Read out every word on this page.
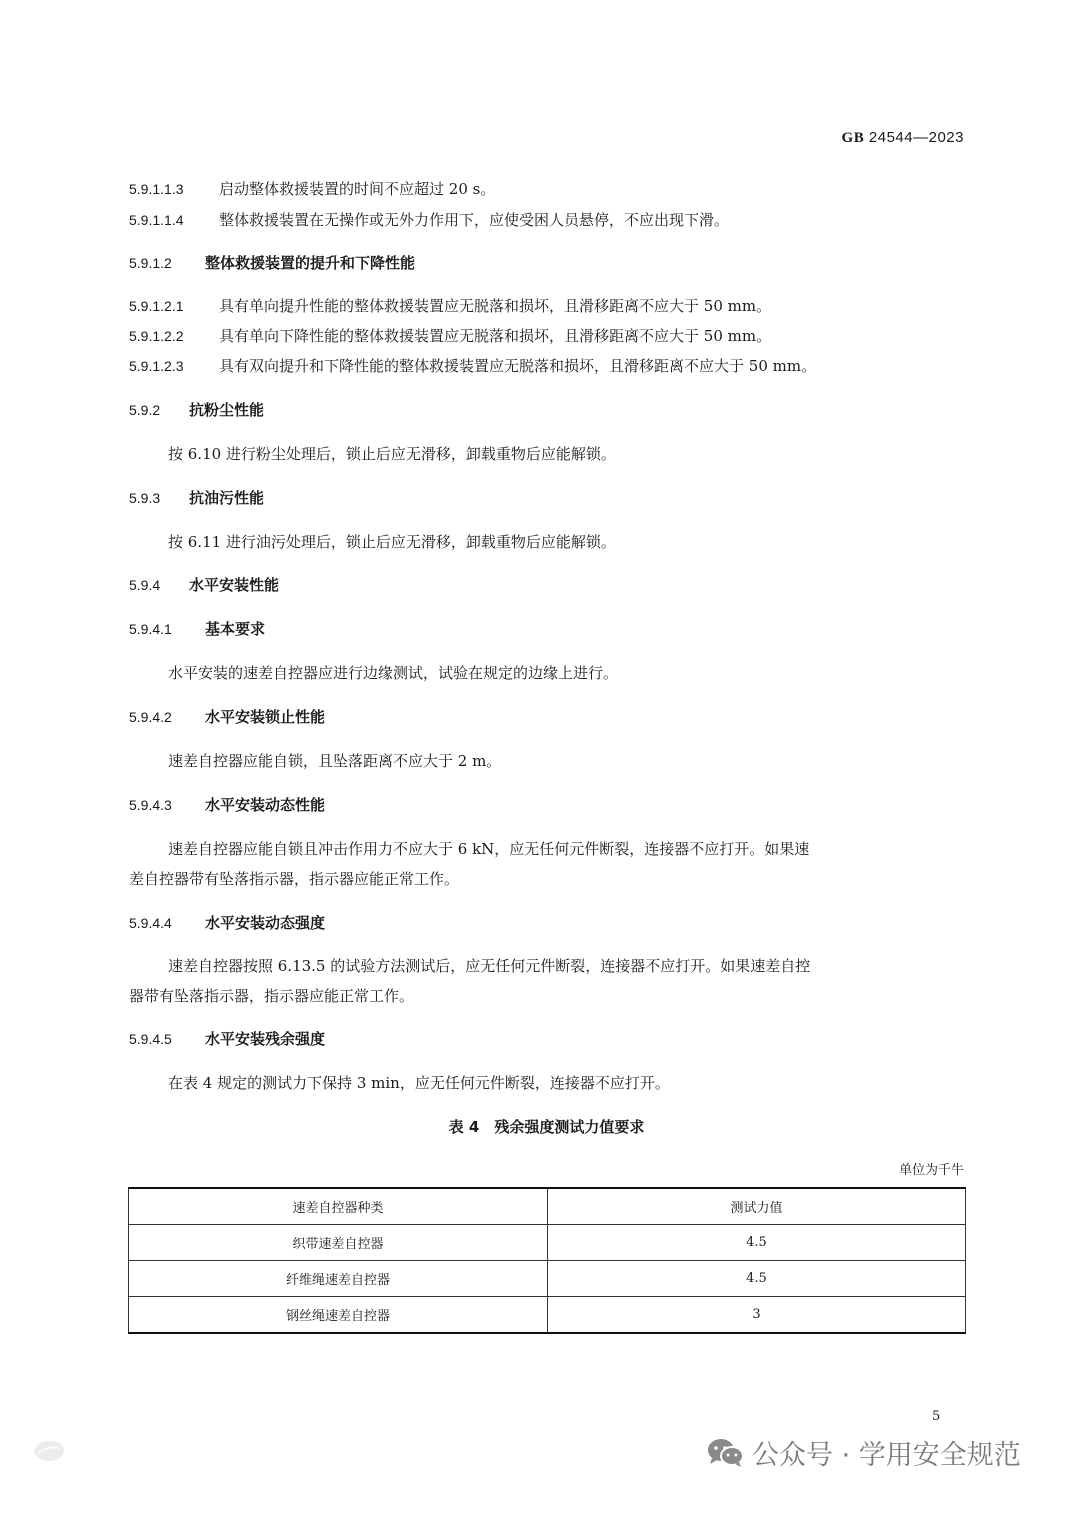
GB 24544—2023
5.9.1.1.3 启动整体救援装置的时间不应超过 20 s。
5.9.1.1.4 整体救援装置在无操作或无外力作用下，应使受困人员悬停，不应出现下滑。
5.9.1.2 整体救援装置的提升和下降性能
5.9.1.2.1 具有单向提升性能的整体救援装置应无脱落和损坏，且滑移距离不应大于 50 mm。
5.9.1.2.2 具有单向下降性能的整体救援装置应无脱落和损坏，且滑移距离不应大于 50 mm。
5.9.1.2.3 具有双向提升和下降性能的整体救援装置应无脱落和损坏，且滑移距离不应大于 50 mm。
5.9.2 抗粉尘性能
按 6.10 进行粉尘处理后，锁止后应无滑移，卸载重物后应能解锁。
5.9.3 抗油污性能
按 6.11 进行油污处理后，锁止后应无滑移，卸载重物后应能解锁。
5.9.4 水平安装性能
5.9.4.1 基本要求
水平安装的速差自控器应进行边缘测试，试验在规定的边缘上进行。
5.9.4.2 水平安装锁止性能
速差自控器应能自锁，且坠落距离不应大于 2 m。
5.9.4.3 水平安装动态性能
速差自控器应能自锁且冲击作用力不应大于 6 kN，应无任何元件断裂，连接器不应打开。如果速
差自控器带有坠落指示器，指示器应能正常工作。
5.9.4.4 水平安装动态强度
速差自控器按照 6.13.5 的试验方法测试后，应无任何元件断裂，连接器不应打开。如果速差自控
器带有坠落指示器，指示器应能正常工作。
5.9.4.5 水平安装残余强度
在表 4 规定的测试力下保持 3 min，应无任何元件断裂，连接器不应打开。
表 4　残余强度测试力值要求
单位为千牛
速差自控器种类	测试力值
织带速差自控器	4.5
纤维绳速差自控器	4.5
钢丝绳速差自控器	3
5
公众号 · 学用安全规范
